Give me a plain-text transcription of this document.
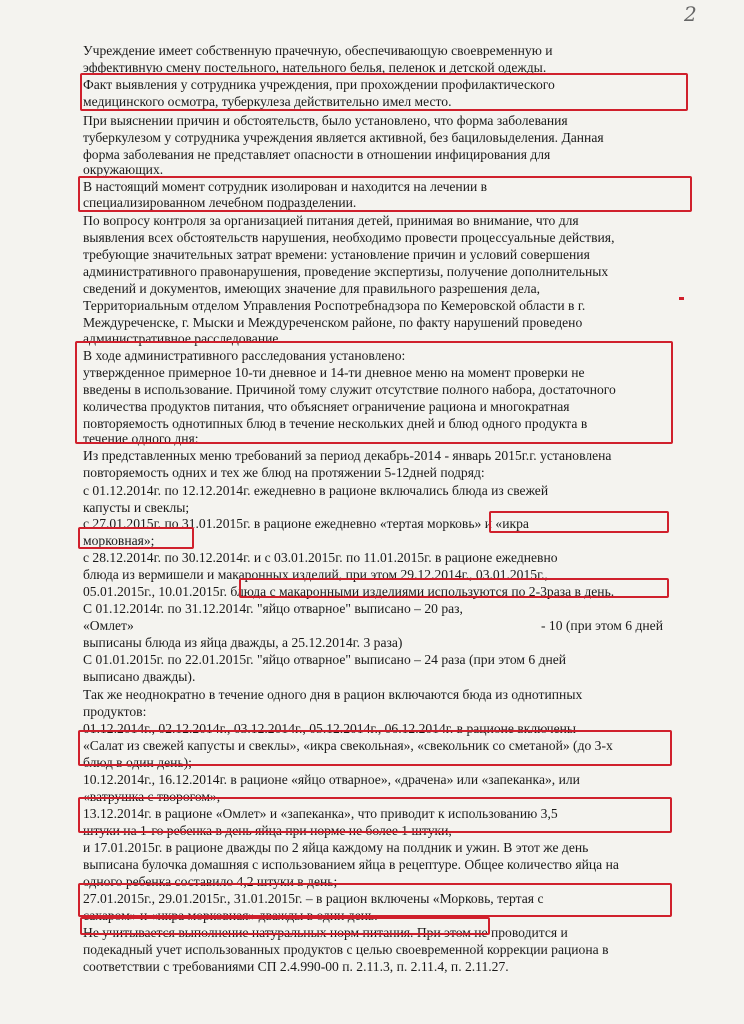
2
Учреждение имеет собственную прачечную, обеспечивающую своевременную и
эффективную смену постельного, нательного белья, пеленок и детской одежды.
Факт выявления у сотрудника учреждения, при прохождении профилактического
медицинского осмотра, туберкулеза действительно имел место.
При выяснении причин и обстоятельств, было установлено, что форма заболевания
туберкулезом у сотрудника учреждения является активной, без бациловыделения. Данная
форма заболевания не представляет опасности в отношении инфицирования для
окружающих.
В настоящий момент сотрудник изолирован и находится на лечении в
специализированном лечебном подразделении.
По вопросу контроля за организацией питания детей, принимая во внимание, что для
выявления всех обстоятельств нарушения, необходимо провести процессуальные действия,
требующие значительных затрат времени: установление причин и условий совершения
административного правонарушения, проведение экспертизы, получение дополнительных
сведений и документов, имеющих значение для правильного разрешения дела,
Территориальным отделом Управления Роспотребнадзора по Кемеровской области в г.
Междуреченске, г. Мыски и Междуреченском районе, по факту нарушений проведено
административное расследование.
В ходе административного расследования установлено:
утвержденное примерное 10-ти дневное и 14-ти дневное меню на момент проверки не
введены в использование. Причиной тому служит отсутствие полного набора, достаточного
количества продуктов питания, что объясняет ограничение рациона и многократная
повторяемость однотипных блюд в течение нескольких дней и блюд одного продукта в
течение одного дня:
Из представленных меню требований за период декабрь-2014 - январь 2015г.г. установлена
повторяемость одних и тех же блюд на протяжении 5-12дней подряд:
с 01.12.2014г. по 12.12.2014г. ежедневно в рационе включались блюда из свежей
капусты и свеклы;
с 27.01.2015г. по 31.01.2015г. в рационе ежедневно «тертая морковь» и «икра
морковная»;
с 28.12.2014г. по 30.12.2014г. и с 03.01.2015г. по 11.01.2015г. в рационе ежедневно
блюда из вермишели и макаронных изделий, при этом 29.12.2014г., 03.01.2015г.,
05.01.2015г., 10.01.2015г. блюда с макаронными изделиями используются по 2-3раза в день.
С 01.12.2014г. по 31.12.2014г. "яйцо отварное" выписано – 20 раз,
«Омлет»	- 10 (при этом 6 дней
выписаны блюда из яйца дважды, а 25.12.2014г. 3 раза)
С 01.01.2015г. по 22.01.2015г. "яйцо отварное" выписано – 24 раза (при этом 6 дней
выписано дважды).
Так же неоднократно в течение одного дня в рацион включаются бюда из однотипных
продуктов:
01.12.2014г., 02.12.2014г., 03.12.2014г., 05.12.2014г., 06.12.2014г. в рационе включены
«Салат из свежей капусты и свеклы», «икра свекольная», «свекольник со сметаной» (до 3-х
блюд в один день);
10.12.2014г., 16.12.2014г. в рационе «яйцо отварное», «драчена» или «запеканка», или
«ватрушка с творогом»,
13.12.2014г. в рационе «Омлет» и «запеканка», что приводит к использованию 3,5
штуки на 1-го ребенка в день яйца при норме не более 1 штуки,
и 17.01.2015г. в рационе дважды по 2 яйца каждому на полдник и ужин. В этот же день
выписана булочка домашняя с использованием яйца в рецептуре. Общее количество яйца на
одного ребенка составило 4,2 штуки в день;
27.01.2015г., 29.01.2015г., 31.01.2015г. – в рацион включены «Морковь, тертая с
сахаром» и «икра морковная» дважды в один день.
Не учитывается выполнение натуральных норм питания. При этом не проводится и
подекадный учет использованных продуктов с целью своевременной коррекции рациона в
соответствии с требованиями СП 2.4.990-00 п. 2.11.3, п. 2.11.4, п. 2.11.27.
